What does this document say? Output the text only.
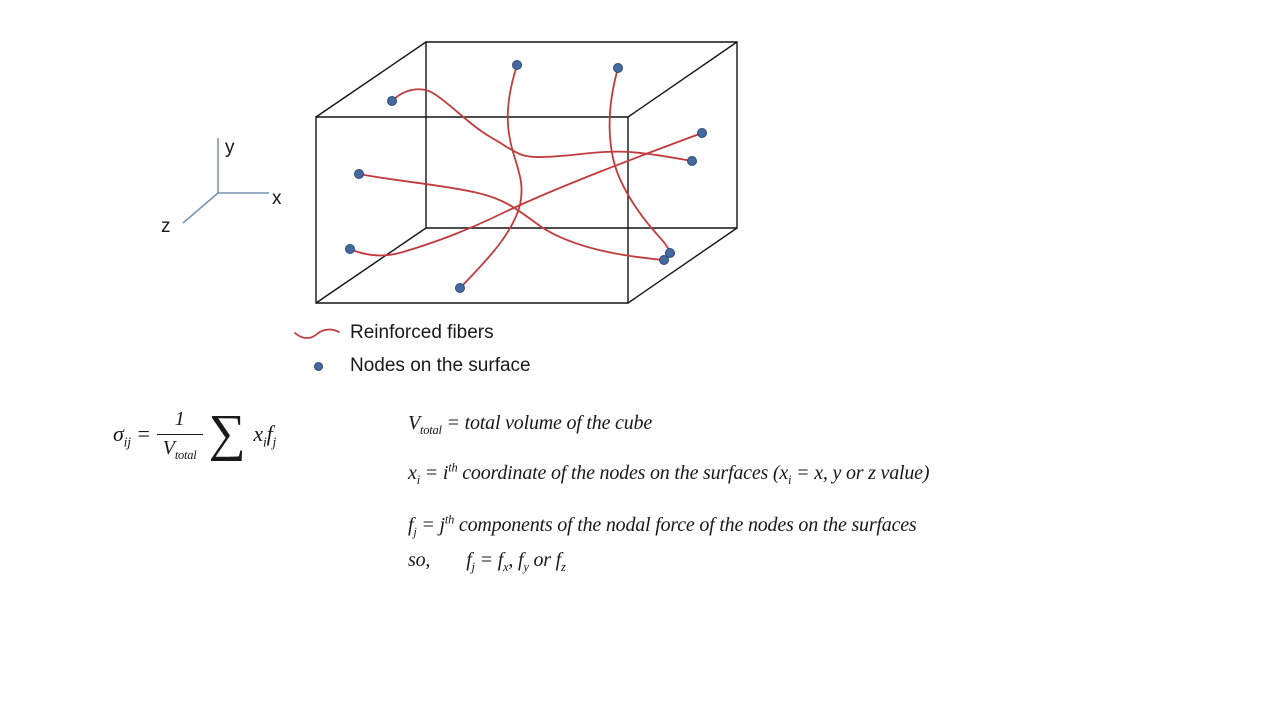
y
x
z
Reinforced fibers
Nodes on the surface
$\sigma_{ij} = \frac{1}{V_{total}}$ ∑ $x_if_j$
$V_{total}$ = total volume of the cube
$x_i = i^{th}$ coordinate of the nodes on the surfaces ($x_i = x$, y or z value)
$f_j = j^{th}$ components of the nodal force of the nodes on the surfaces
so, $f_j = f_x$, $f_y$ or $f_z$
